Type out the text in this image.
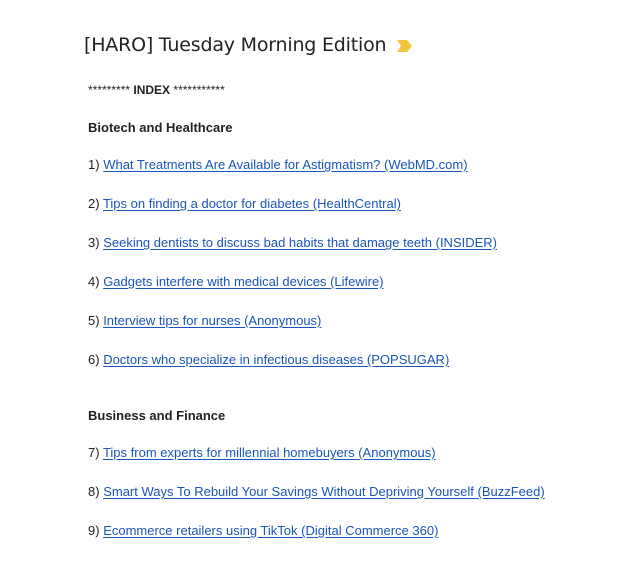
[HARO] Tuesday Morning Edition
********* INDEX ***********
Biotech and Healthcare
1) What Treatments Are Available for Astigmatism? (WebMD.com)
2) Tips on finding a doctor for diabetes (HealthCentral)
3) Seeking dentists to discuss bad habits that damage teeth (INSIDER)
4) Gadgets interfere with medical devices (Lifewire)
5) Interview tips for nurses (Anonymous)
6) Doctors who specialize in infectious diseases (POPSUGAR)
Business and Finance
7) Tips from experts for millennial homebuyers (Anonymous)
8) Smart Ways To Rebuild Your Savings Without Depriving Yourself (BuzzFeed)
9) Ecommerce retailers using TikTok (Digital Commerce 360)
